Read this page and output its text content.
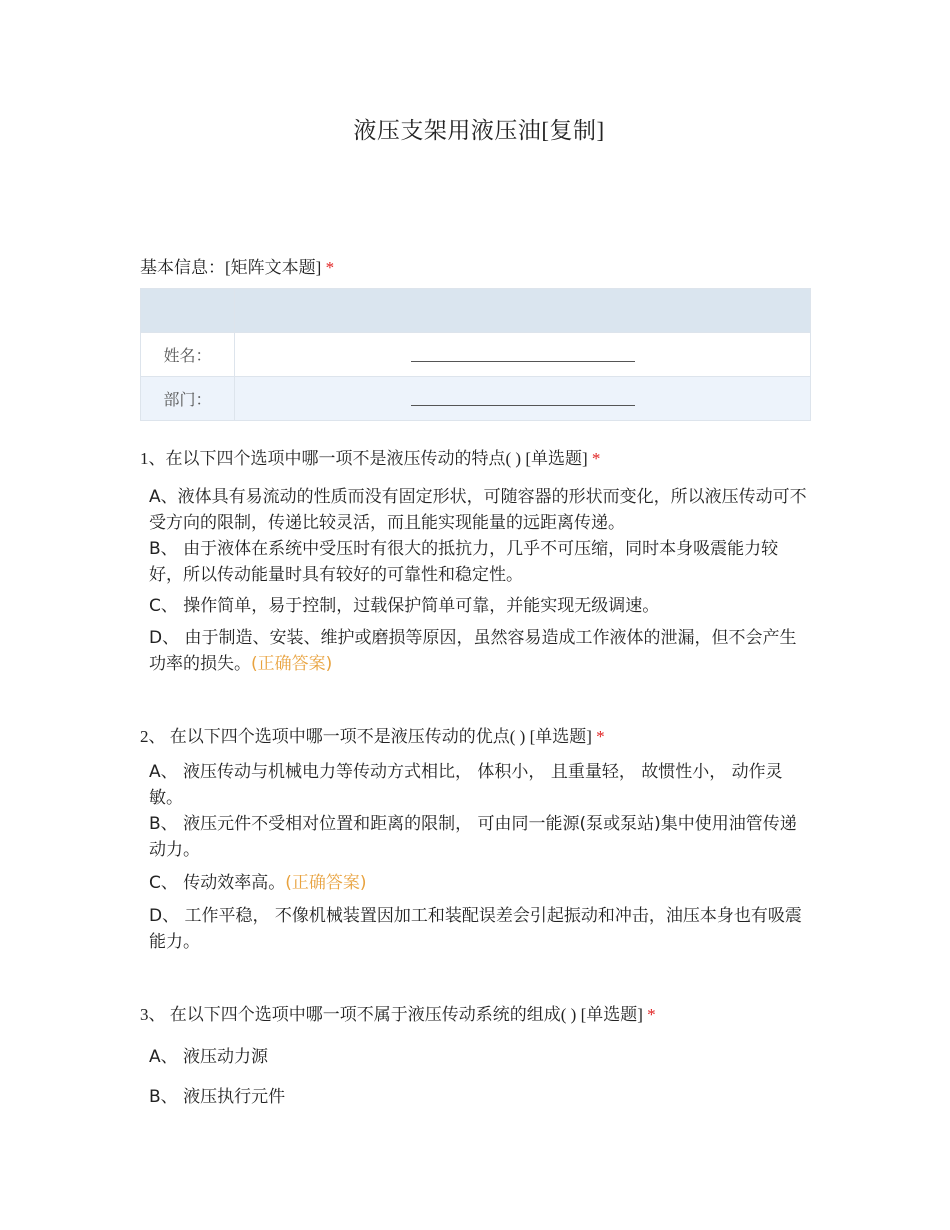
液压支架用液压油[复制]
基本信息：[矩阵文本题] *

姓名：	
部门：	
1、在以下四个选项中哪一项不是液压传动的特点( ) [单选题] *
A、液体具有易流动的性质而没有固定形状，可随容器的形状而变化，所以液压传动可不受方向的限制，传递比较灵活，而且能实现能量的远距离传递。
B、 由于液体在系统中受压时有很大的抵抗力，几乎不可压缩，同时本身吸震能力较好，所以传动能量时具有较好的可靠性和稳定性。
C、 操作简单，易于控制，过载保护简单可靠，并能实现无级调速。
D、 由于制造、安装、维护或磨损等原因，虽然容易造成工作液体的泄漏，但不会产生功率的损失。(正确答案)
2、 在以下四个选项中哪一项不是液压传动的优点( ) [单选题] *
A、 液压传动与机械电力等传动方式相比， 体积小， 且重量轻， 故惯性小， 动作灵敏。
B、 液压元件不受相对位置和距离的限制， 可由同一能源(泵或泵站)集中使用油管传递动力。
C、 传动效率高。(正确答案)
D、 工作平稳， 不像机械装置因加工和装配误差会引起振动和冲击，油压本身也有吸震能力。
3、 在以下四个选项中哪一项不属于液压传动系统的组成( ) [单选题] *
A、 液压动力源
B、 液压执行元件
